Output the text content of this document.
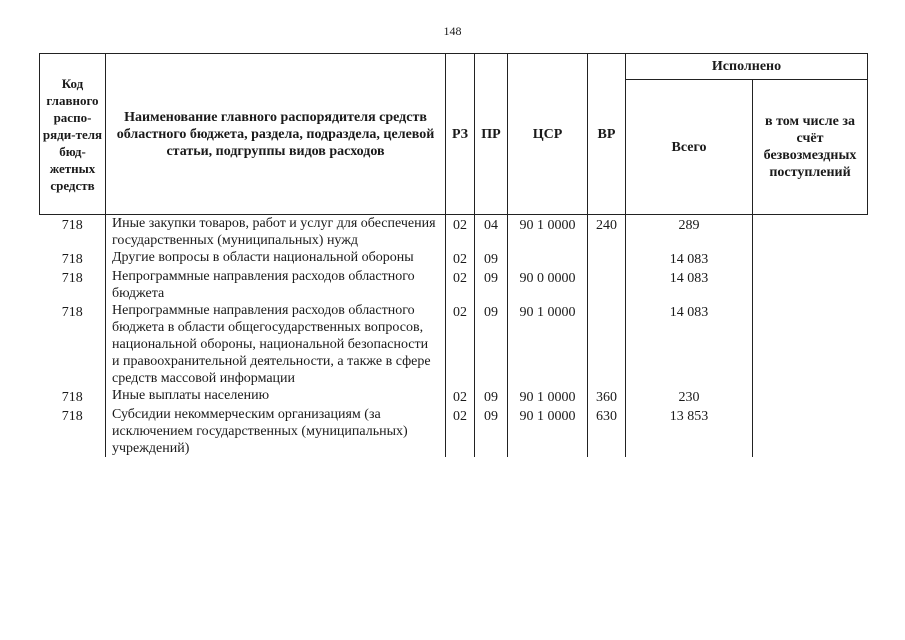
148
Код главного распо-ряди-теля бюд-жетных средств	Наименование главного распорядителя средств областного бюджета, раздела, подраздела, целевой статьи, подгруппы видов расходов	РЗ	ПР	ЦСР	ВР	Исполнено	
						Всего	в том числе за счёт безвозмездных поступлений
718	Иные закупки товаров, работ и услуг для обеспечения государственных (муниципальных) нужд	02	04	90 1 0000	240	289	
718	Другие вопросы в области национальной обороны	02	09			14 083	
718	Непрограммные направления расходов областного бюджета	02	09	90 0 0000		14 083	
718	Непрограммные направления расходов областного бюджета в области общегосударственных вопросов, национальной обороны, национальной безопасности и правоохранительной деятельности, а также в сфере средств массовой информации	02	09	90 1 0000		14 083	
718	Иные выплаты населению	02	09	90 1 0000	360	230	
718	Субсидии некоммерческим организациям (за исключением государственных (муниципальных) учреждений)	02	09	90 1 0000	630	13 853	
